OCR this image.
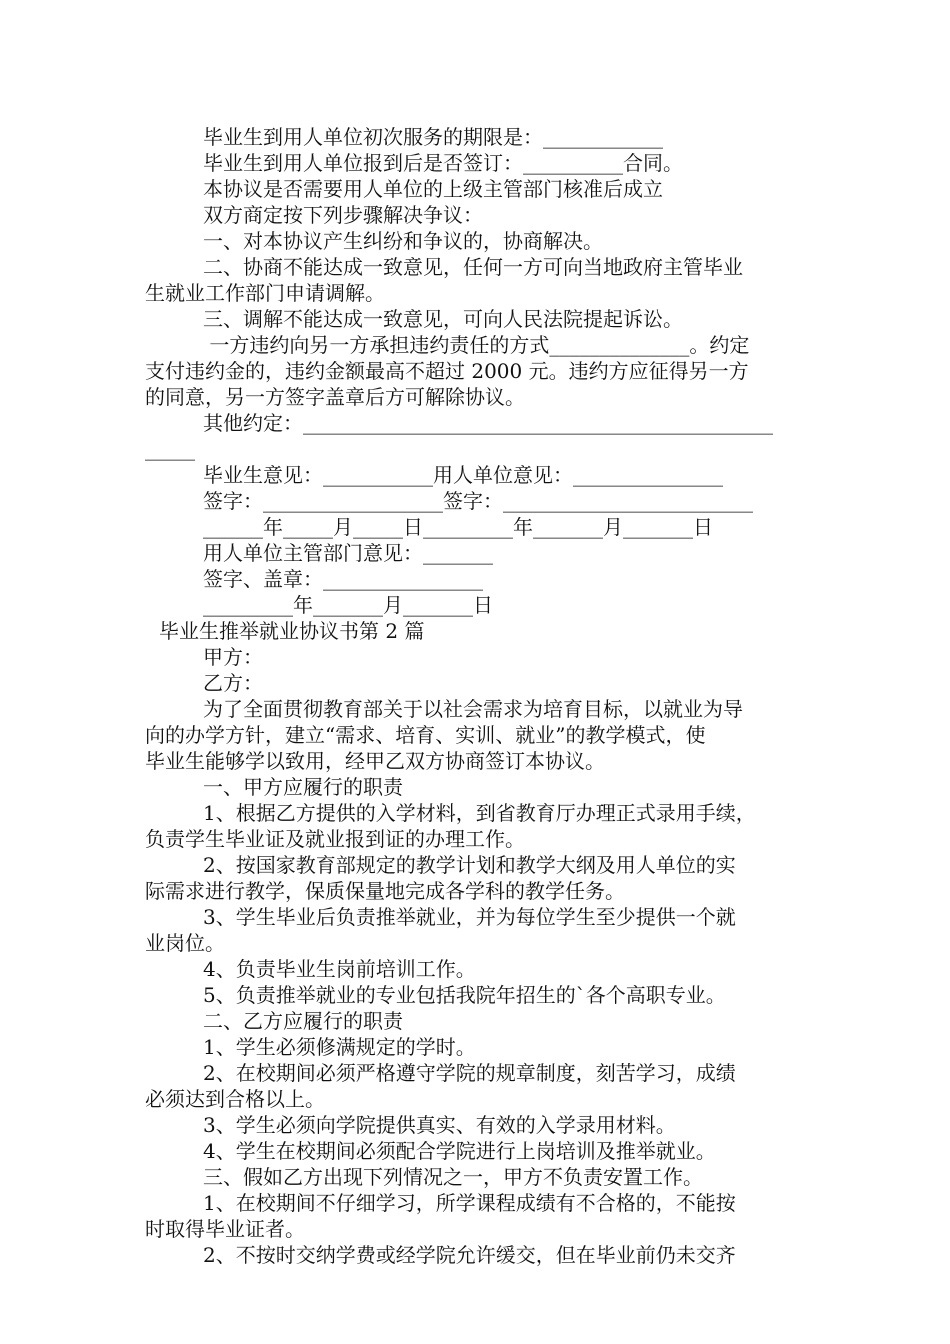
毕业生到用人单位初次服务的期限是：____________
毕业生到用人单位报到后是否签订：__________合同。
本协议是否需要用人单位的上级主管部门核准后成立
双方商定按下列步骤解决争议：
一、对本协议产生纠纷和争议的，协商解决。
二、协商不能达成一致意见，任何一方可向当地政府主管毕业
生就业工作部门申请调解。
三、调解不能达成一致意见，可向人民法院提起诉讼。
一方违约向另一方承担违约责任的方式______________。约定
支付违约金的，违约金额最高不超过 2000 元。违约方应征得另一方
的同意，另一方签字盖章后方可解除协议。
其他约定：_______________________________________________
_____
毕业生意见：___________用人单位意见：_______________
签字：__________________签字：_________________________
______年_____月_____日_________年_______月_______日
用人单位主管部门意见：_______
签字、盖章：________________
_________年_______月_______日
毕业生推举就业协议书第 2 篇
甲方：
乙方：
为了全面贯彻教育部关于以社会需求为培育目标，以就业为导
向的办学方针，建立“需求、培育、实训、就业”的教学模式，使
毕业生能够学以致用，经甲乙双方协商签订本协议。
一、甲方应履行的职责
1、根据乙方提供的入学材料，到省教育厅办理正式录用手续，
负责学生毕业证及就业报到证的办理工作。
2、按国家教育部规定的教学计划和教学大纲及用人单位的实
际需求进行教学，保质保量地完成各学科的教学任务。
3、学生毕业后负责推举就业，并为每位学生至少提供一个就
业岗位。
4、负责毕业生岗前培训工作。
5、负责推举就业的专业包括我院年招生的`各个高职专业。
二、乙方应履行的职责
1、学生必须修满规定的学时。
2、在校期间必须严格遵守学院的规章制度，刻苦学习，成绩
必须达到合格以上。
3、学生必须向学院提供真实、有效的入学录用材料。
4、学生在校期间必须配合学院进行上岗培训及推举就业。
三、假如乙方出现下列情况之一，甲方不负责安置工作。
1、在校期间不仔细学习，所学课程成绩有不合格的，不能按
时取得毕业证者。
2、不按时交纳学费或经学院允许缓交，但在毕业前仍未交齐
